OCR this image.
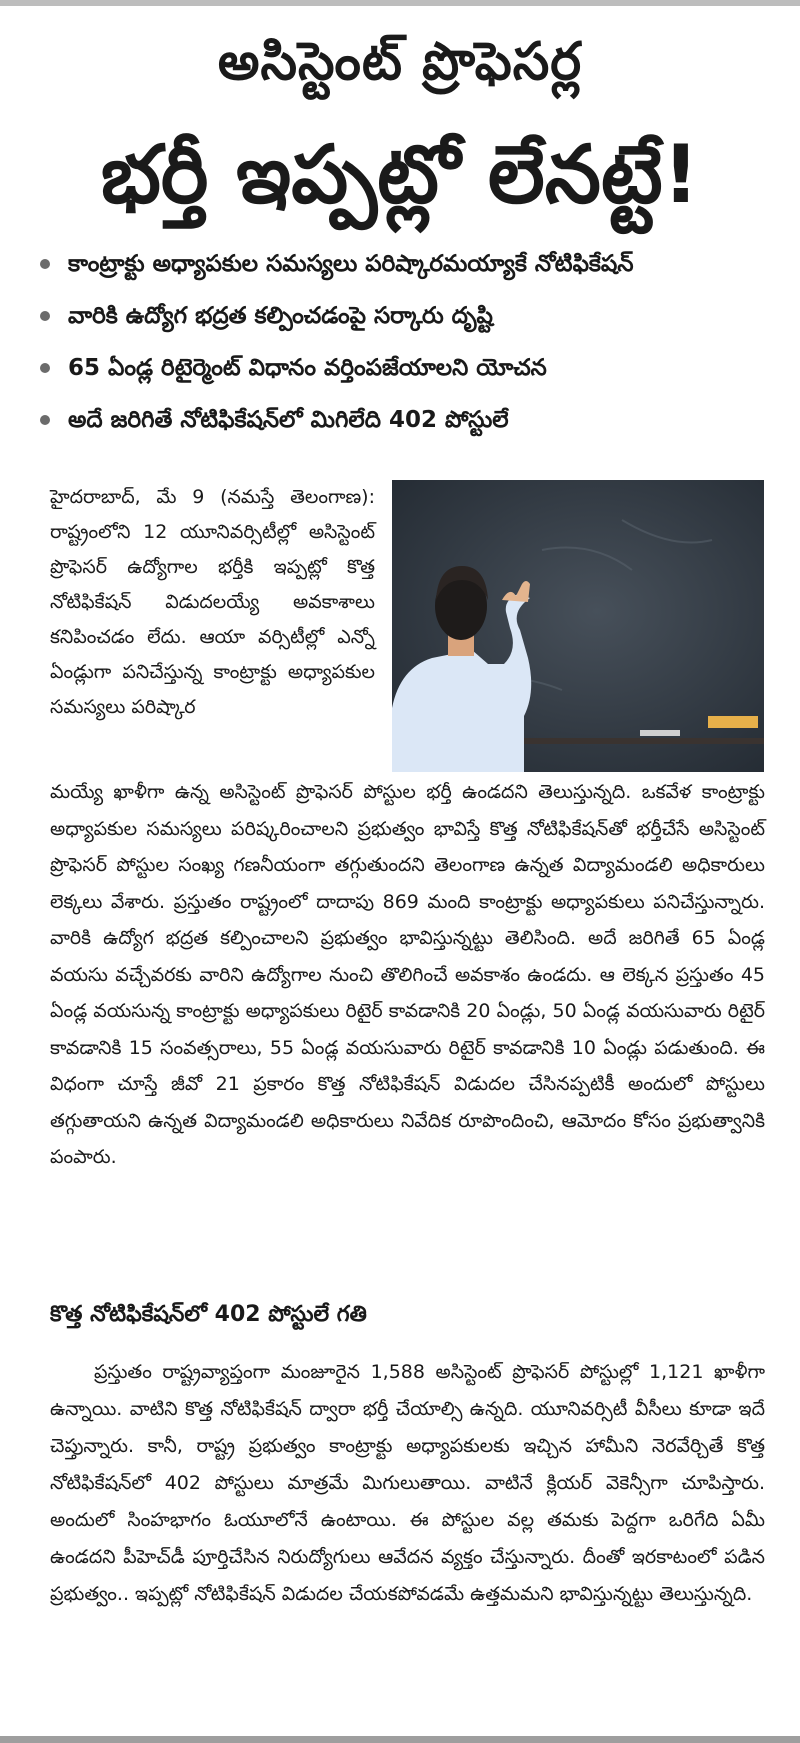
అసిస్టెంట్ ప్రొఫెసర్ల
భర్తీ ఇప్పట్లో లేనట్టే!
కాంట్రాక్టు అధ్యాపకుల సమస్యలు పరిష్కారమయ్యాకే నోటిఫికేషన్
వారికి ఉద్యోగ భద్రత కల్పించడంపై సర్కారు దృష్టి
65 ఏండ్ల రిటైర్మెంట్ విధానం వర్తింపజేయాలని యోచన
అదే జరిగితే నోటిఫికేషన్‌లో మిగిలేది 402 పోస్టులే

హైదరాబాద్, మే 9 (నమస్తే తెలంగాణ): రాష్ట్రంలోని 12 యూనివర్సిటీల్లో అసిస్టెంట్ ప్రొఫెసర్ ఉద్యోగాల భర్తీకి ఇప్పట్లో కొత్త నోటిఫికేషన్ విడుదలయ్యే అవకాశాలు కనిపించడం లేదు. ఆయా వర్సిటీల్లో ఎన్నో ఏండ్లుగా పనిచేస్తున్న కాంట్రాక్టు అధ్యాపకుల సమస్యలు పరిష్కార

మయ్యే ఖాళీగా ఉన్న అసిస్టెంట్ ప్రొఫెసర్ పోస్టుల భర్తీ ఉండదని తెలుస్తున్నది. ఒకవేళ కాంట్రాక్టు అధ్యాపకుల సమస్యలు పరిష్కరించాలని ప్రభుత్వం భావిస్తే కొత్త నోటిఫికేషన్‌తో భర్తీచేసే అసిస్టెంట్ ప్రొఫెసర్ పోస్టుల సంఖ్య గణనీయంగా తగ్గుతుందని తెలంగాణ ఉన్నత విద్యామండలి అధికారులు లెక్కలు వేశారు. ప్రస్తుతం రాష్ట్రంలో దాదాపు 869 మంది కాంట్రాక్టు అధ్యాపకులు పనిచేస్తున్నారు. వారికి ఉద్యోగ భద్రత కల్పించాలని ప్రభుత్వం భావిస్తున్నట్టు తెలిసింది. అదే జరిగితే 65 ఏండ్ల వయసు వచ్చేవరకు వారిని ఉద్యోగాల నుంచి తొలిగించే అవకాశం ఉండదు. ఆ లెక్కన ప్రస్తుతం 45 ఏండ్ల వయసున్న కాంట్రాక్టు అధ్యాపకులు రిటైర్ కావడానికి 20 ఏండ్లు, 50 ఏండ్ల వయసువారు రిటైర్ కావడానికి 15 సంవత్సరాలు, 55 ఏండ్ల వయసువారు రిటైర్ కావడానికి 10 ఏండ్లు పడుతుంది. ఈ విధంగా చూస్తే జీవో 21 ప్రకారం కొత్త నోటిఫికేషన్ విడుదల చేసినప్పటికీ అందులో పోస్టులు తగ్గుతాయని ఉన్నత విద్యామండలి అధికారులు నివేదిక రూపొందించి, ఆమోదం కోసం ప్రభుత్వానికి పంపారు.

కొత్త నోటిఫికేషన్‌లో 402 పోస్టులే గతి

ప్రస్తుతం రాష్ట్రవ్యాప్తంగా మంజూరైన 1,588 అసిస్టెంట్ ప్రొఫెసర్ పోస్టుల్లో 1,121 ఖాళీగా ఉన్నాయి. వాటిని కొత్త నోటిఫికేషన్ ద్వారా భర్తీ చేయాల్సి ఉన్నది. యూనివర్సిటీ వీసీలు కూడా ఇదే చెప్తున్నారు. కానీ, రాష్ట్ర ప్రభుత్వం కాంట్రాక్టు అధ్యాపకులకు ఇచ్చిన హామీని నెరవేర్చితే కొత్త నోటిఫికేషన్‌లో 402 పోస్టులు మాత్రమే మిగులుతాయి. వాటినే క్లియర్ వెకెన్సీగా చూపిస్తారు. అందులో సింహభాగం ఓయూలోనే ఉంటాయి. ఈ పోస్టుల వల్ల తమకు పెద్దగా ఒరిగేది ఏమీ ఉండదని పీహెచ్‌డీ పూర్తిచేసిన నిరుద్యోగులు ఆవేదన వ్యక్తం చేస్తున్నారు. దీంతో ఇరకాటంలో పడిన ప్రభుత్వం.. ఇప్పట్లో నోటిఫికేషన్ విడుదల చేయకపోవడమే ఉత్తమమని భావిస్తున్నట్టు తెలుస్తున్నది.
